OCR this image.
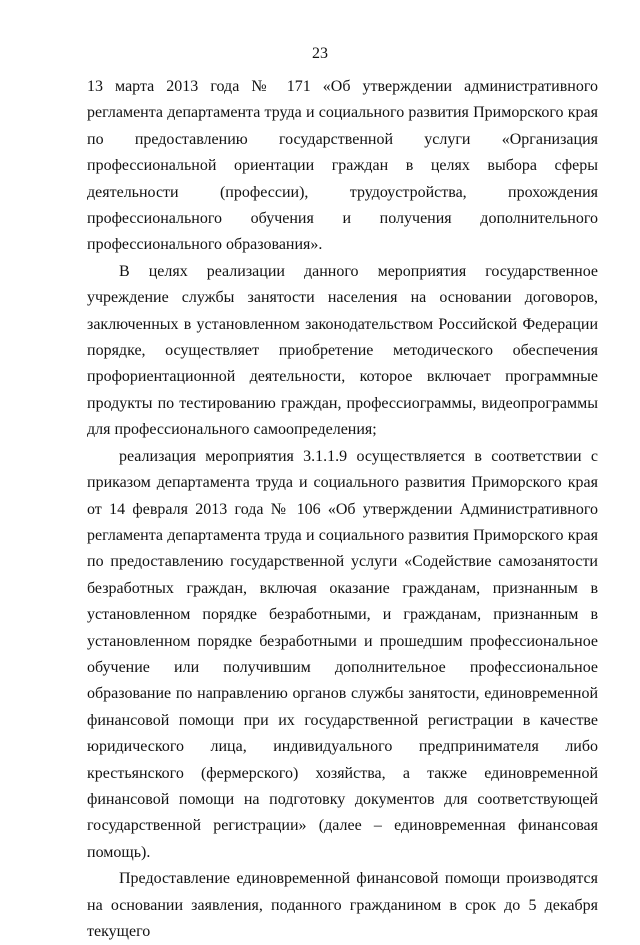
23

13 марта 2013 года № 171 «Об утверждении административного регламента департамента труда и социального развития Приморского края по предоставлению государственной услуги «Организация профессиональной ориентации граждан в целях выбора сферы деятельности (профессии), трудоустройства, прохождения профессионального обучения и получения дополнительного профессионального образования».

В целях реализации данного мероприятия государственное учреждение службы занятости населения на основании договоров, заключенных в установленном законодательством Российской Федерации порядке, осуществляет приобретение методического обеспечения профориентационной деятельности, которое включает программные продукты по тестированию граждан, профессиограммы, видеопрограммы для профессионального самоопределения;

реализация мероприятия 3.1.1.9 осуществляется в соответствии с приказом департамента труда и социального развития Приморского края от 14 февраля 2013 года № 106 «Об утверждении Административного регламента департамента труда и социального развития Приморского края по предоставлению государственной услуги «Содействие самозанятости безработных граждан, включая оказание гражданам, признанным в установленном порядке безработными, и гражданам, признанным в установленном порядке безработными и прошедшим профессиональное обучение или получившим дополнительное профессиональное образование по направлению органов службы занятости, единовременной финансовой помощи при их государственной регистрации в качестве юридического лица, индивидуального предпринимателя либо крестьянского (фермерского) хозяйства, а также единовременной финансовой помощи на подготовку документов для соответствующей государственной регистрации» (далее – единовременная финансовая помощь).

Предоставление единовременной финансовой помощи производятся на основании заявления, поданного гражданином в срок до 5 декабря текущего
